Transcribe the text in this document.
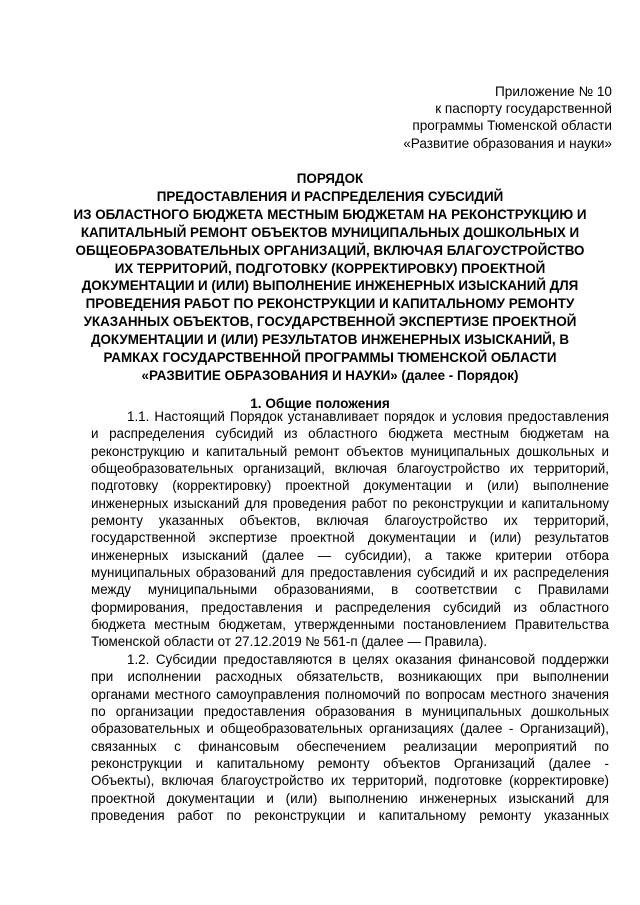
Приложение № 10
к паспорту государственной
программы Тюменской области
«Развитие образования и науки»
ПОРЯДОК
ПРЕДОСТАВЛЕНИЯ И РАСПРЕДЕЛЕНИЯ СУБСИДИЙ
ИЗ ОБЛАСТНОГО БЮДЖЕТА МЕСТНЫМ БЮДЖЕТАМ НА РЕКОНСТРУКЦИЮ И
КАПИТАЛЬНЫЙ РЕМОНТ ОБЪЕКТОВ МУНИЦИПАЛЬНЫХ ДОШКОЛЬНЫХ И
ОБЩЕОБРАЗОВАТЕЛЬНЫХ ОРГАНИЗАЦИЙ, ВКЛЮЧАЯ БЛАГОУСТРОЙСТВО
ИХ ТЕРРИТОРИЙ, ПОДГОТОВКУ (КОРРЕКТИРОВКУ) ПРОЕКТНОЙ
ДОКУМЕНТАЦИИ И (ИЛИ) ВЫПОЛНЕНИЕ ИНЖЕНЕРНЫХ ИЗЫСКАНИЙ ДЛЯ
ПРОВЕДЕНИЯ РАБОТ ПО РЕКОНСТРУКЦИИ И КАПИТАЛЬНОМУ РЕМОНТУ
УКАЗАННЫХ ОБЪЕКТОВ, ГОСУДАРСТВЕННОЙ ЭКСПЕРТИЗЕ ПРОЕКТНОЙ
ДОКУМЕНТАЦИИ И (ИЛИ) РЕЗУЛЬТАТОВ ИНЖЕНЕРНЫХ ИЗЫСКАНИЙ, В
РАМКАХ ГОСУДАРСТВЕННОЙ ПРОГРАММЫ ТЮМЕНСКОЙ ОБЛАСТИ
«РАЗВИТИЕ ОБРАЗОВАНИЯ И НАУКИ» (далее - Порядок)
1. Общие положения
1.1. Настоящий Порядок устанавливает порядок и условия предоставления
и распределения субсидий из областного бюджета местным бюджетам на
реконструкцию и капитальный ремонт объектов муниципальных дошкольных и
общеобразовательных организаций, включая благоустройство их территорий,
подготовку (корректировку) проектной документации и (или) выполнение
инженерных изысканий для проведения работ по реконструкции и капитальному
ремонту указанных объектов, включая благоустройство их территорий,
государственной экспертизе проектной документации и (или) результатов
инженерных изысканий (далее — субсидии), а также критерии отбора
муниципальных образований для предоставления субсидий и их распределения
между муниципальными образованиями, в соответствии с Правилами
формирования, предоставления и распределения субсидий из областного
бюджета местным бюджетам, утвержденными постановлением Правительства
Тюменской области от 27.12.2019 № 561-п (далее — Правила).
1.2. Субсидии предоставляются в целях оказания финансовой поддержки
при исполнении расходных обязательств, возникающих при выполнении
органами местного самоуправления полномочий по вопросам местного значения
по организации предоставления образования в муниципальных дошкольных
образовательных и общеобразовательных организациях (далее - Организаций),
связанных с финансовым обеспечением реализации мероприятий по
реконструкции и капитальному ремонту объектов Организаций (далее -
Объекты), включая благоустройство их территорий, подготовке (корректировке)
проектной документации и (или) выполнению инженерных изысканий для
проведения работ по реконструкции и капитальному ремонту указанных
